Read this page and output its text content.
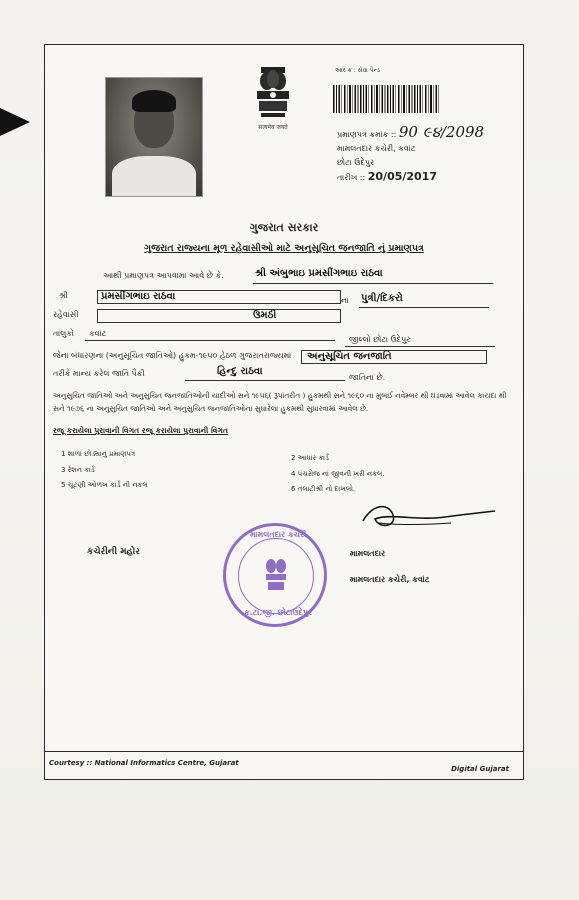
सत्यमेव जयते
આર ક્ર : સેવા પૈન્ડ
પ્રમાણપત્ર ક્રમાંક :: 90 ૯૪/2098
મામલતદાર કચેરી, કવાંટ
છોટા ઉદેપુર
તારીખ :: 20/05/2017
ગુજરાત સરકાર
ગુજરાત રાજ્યના મૂળ રહેવાસીઓ માટે અનુસૂચિત જનજાતિ નું પ્રમાણપત્ર
આથી પ્રમાણપત્ર આપવામા આવે છે કે.	શ્રી અંબુભાઇ પ્રમસીંગભાઇ રાઠવા
શ્રી	પ્રમસીંગભાઇ રાઠવા	ના પુત્રી/દિકરો
રહેવાસી	ઉમઠી
તાલુકો કવાંટ
જીલ્લો છોટા ઉદેપુર
જેના બંધારણના (અનુસૂચિત જાતિઓ) હુકમ-૧૯૫૦ હેઠળ ગુજરાતરાજ્યમાં અનુસૂચિત જનજાતિ
તરીકે માન્ય કરેલ જાતિ પૈકી	હિન્દુ રાઠવા
જાતિના છે.
અનુસુચિત જાતિઓ અને અનુસુચિત જનજાતિઓની યાદીઓ સને ૧૯૫૬( રૂપાંતરીત ) હુકમથી સને ૧૯૬૦ ના મુંબઈ નવેમ્બર થી ઘડવામાં આવેલ કાયદા થી સને ૧૯૭૬ ના અનુસુચિત જાતિઓ અને અનુસુચિત જનજાતિઓના સુધારેલા હુકમથી સુધારવામાં આવેલ છે.
રજૂ કરાયેલા પુરાવાની વિગત રજૂ કરાયેલા પુરાવાની વિગત
1 શાળા છોડ્યાનુ પ્રમાણપત્ર
3 રેશન કાર્ડ
5 ચૂંટણી ઓળખ કાર્ડ ની નકલ
2 આધાર કાર્ડ
4 પંચરોજ નાં જીવની ખરી નકલ.
6 તલાટીશ્રી નો દાખલો.
કચેરીની મહોર	મામલતદાર
મામલતદાર કચેરી, કવાંટ
મામલતદાર કચેરી
ક.ટા.જી. છોટાઉદેપુર
Courtesy :: National Informatics Centre, Gujarat
Digital Gujarat
